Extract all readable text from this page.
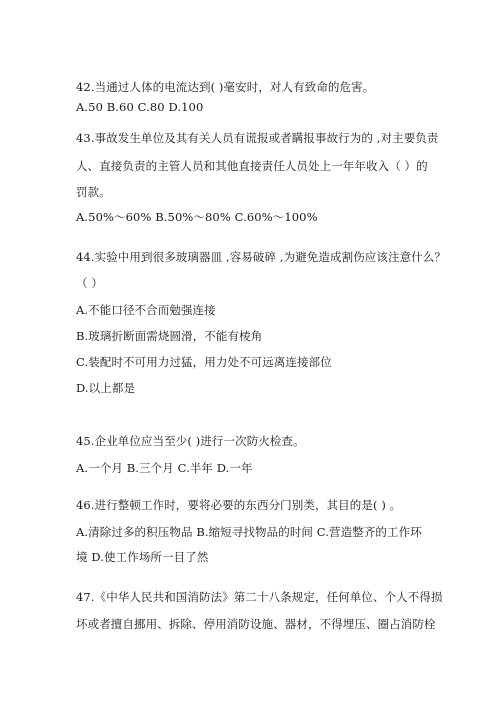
42.当通过人体的电流达到( )毫安时，对人有致命的危害。
A.50 B.60 C.80 D.100
43.事故发生单位及其有关人员有谎报或者瞒报事故行为的 ,对主要负责
人、直接负责的主管人员和其他直接责任人员处上一年年收入（ ）的
罚款。
A.50%～60% B.50%～80% C.60%～100%
44.实验中用到很多玻璃器皿 ,容易破碎 ,为避免造成割伤应该注意什么？
（ ）
A.不能口径不合而勉强连接
B.玻璃折断面需烧圆滑，不能有棱角
C.装配时不可用力过猛，用力处不可远离连接部位
D.以上都是
45.企业单位应当至少( )进行一次防火检查。
A.一个月 B.三个月 C.半年 D.一年
46.进行整顿工作时，要将必要的东西分门别类，其目的是( ) 。
A.清除过多的积压物品 B.缩短寻找物品的时间 C.营造整齐的工作环
境 D.使工作场所一目了然
47.《中华人民共和国消防法》第二十八条规定，任何单位、个人不得损
坏或者擅自挪用、拆除、停用消防设施、器材，不得埋压、圈占消防栓
